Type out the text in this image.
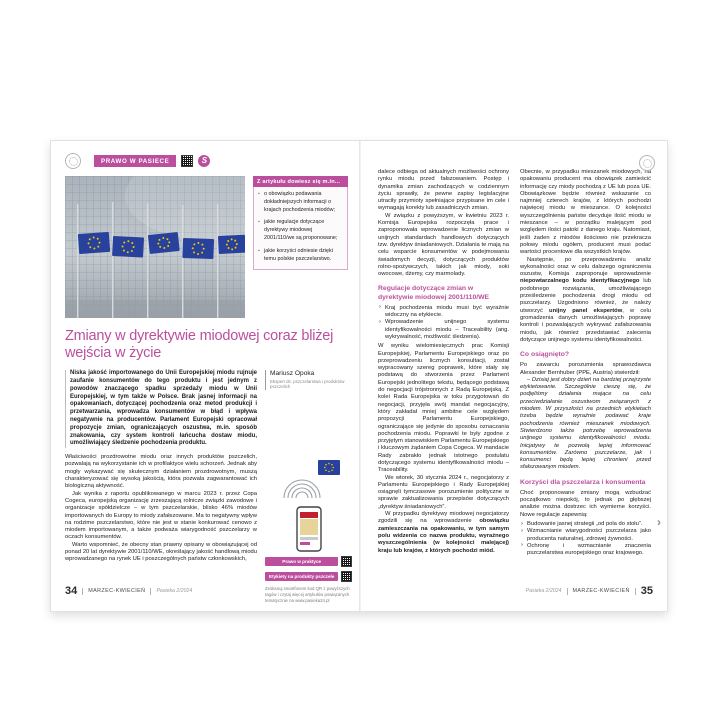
PRAWO W PASIECE	S
Z artykułu dowiesz się m.in...
▪ o obowiązku podawania dokładniejszych informacji o krajach pochodzenia miodów;
▪ jakie regulacje dotyczące dyrektywy miodowej 2001/110/we są proponowane;
▪ jakie korzyści odniesie dzięki temu polskie pszczelarstwo.
Zmiany w dyrektywie miodowej coraz bliżej wejścia w życie

Niska jakość importowanego do Unii Europejskiej miodu rujnuje zaufanie konsumentów do tego produktu i jest jednym z powodów znaczącego spadku sprzedaży miodu w Unii Europejskiej, w tym także w Polsce. Brak jasnej informacji na opakowaniach, dotyczącej pochodzenia oraz metod produkcji i przetwarzania, wprowadza konsumentów w błąd i wpływa negatywnie na producentów. Parlament Europejski opracował propozycje zmian, ograniczających oszustwa, m.in. sposób znakowania, czy system kontroli łańcucha dostaw miodu, umożliwiający śledzenie pochodzenia produktu.

Mariusz Opoka
Ekspert ds. pszczelarstwa i produktów pszczelich

Właściwości prozdrowotne miodu oraz innych produktów pszczelich, pozwalają na wykorzystanie ich w profilaktyce wielu schorzeń. Jednak aby mogły wykazywać się skutecznym działaniem prozdrowotnym, muszą charakteryzować się wysoką jakością, która pozwala zagwarantować ich biologiczną aktywność.

Jak wynika z raportu opublikowanego w marcu 2023 r. przez Copa Cogeca, europejską organizację zrzeszającą rolnicze związki zawodowe i organizacje spółdzielcze – w tym pszczelarskie, blisko 46% miodów importowanych do Europy to miody zafałszowane. Ma to negatywny wpływ na rodzime pszczelarstwo, które nie jest w stanie konkurować cenowo z miodem importowanym, a także podważa wiarygodność pszczelarzy w oczach konsumentów.

Warto wspomnieć, że obecny stan prawny opisany w obowiązującej od ponad 20 lat dyrektywie 2001/110/WE, określający jakość handlową miodu wprowadzanego na rynek UE i poszczególnych państw członkowskich,	Prawo w praktyce
Etykiety na produkty pszczele

Zeskanuj smartfonem kod QR z powyższych tagów i czytaj więcej artykułów powiązanych tematycznie na www.pasieka24.pl

34 MARZEC-KWIECIEŃ Pasieka 2/2024

dalece odbiega od aktualnych możliwości ochrony rynku miodu przed fałszowaniem. Postęp i dynamika zmian zachodzących w codziennym życiu sprawiły, że pewne zapisy legislacyjne utraciły przymioty spełniające przypisane im cele i wymagają korekty lub zasadniczych zmian.

W związku z powyższym, w kwietniu 2023 r. Komisja Europejska rozpoczęła prace i zaproponowała wprowadzenie licznych zmian w unijnych standardach handlowych dotyczących tzw. dyrektyw śniadaniowych. Działania te mają na celu wsparcie konsumentów w podejmowaniu świadomych decyzji, dotyczących produktów rolno-spożywczych, takich jak miody, soki owocowe, dżemy, czy marmolady.

Regulacje dotyczące zmian w dyrektywie miodowej 2001/110/WE
› Kraj pochodzenia miodu musi być wyraźnie widoczny na etykiecie.
› Wprowadzenie unijnego systemu identyfikowalności miodu – Traceability (ang. wykrywalność, możliwość śledzenia).

W wyniku wielomiesięcznych prac Komisji Europejskiej, Parlamentu Europejskiego oraz po przeprowadzeniu licznych konsultacji, został wypracowany szereg poprawek, które stały się podstawą do stworzenia przez Parlament Europejski jednolitego tekstu, będącego podstawą do negocjacji trójstronnych z Radą Europejską. Z kolei Rada Europejska w toku przygotowań do negocjacji, przyjęła swój mandat negocjacyjny, który zakładał mniej ambitne cele względem propozycji Parlamentu Europejskiego, ograniczające się jedynie do sposobu oznaczania pochodzenia miodu. Poprawki te były zgodne z przyjętym stanowiskiem Parlamentu Europejskiego i kluczowym żądaniem Copa Cogeca. W mandacie Rady zabrakło jednak istotnego postulatu dotyczącego systemu identyfikowalności miodu – Traceability.

We wtorek, 30 stycznia 2024 r., negocjatorzy z Parlamentu Europejskiego i Rady Europejskiej osiągnęli tymczasowe porozumienie polityczne w sprawie zaktualizowania przepisów dotyczących „dyrektyw śniadaniowych”.

W przypadku dyrektywy miodowej negocjatorzy zgodzili się na wprowadzenie obowiązku zamieszczania na opakowaniu, w tym samym polu widzenia co nazwa produktu, wyraźnego wyszczególnienia (w kolejności malejącej) kraju lub krajów, z których pochodzi miód.

Obecnie, w przypadku mieszanek miodowych, na opakowaniu producent ma obowiązek zamieścić informację czy miody pochodzą z UE lub poza UE. Obowiązkowe będzie również wskazanie co najmniej czterech krajów, z których pochodzi najwięcej miodu w mieszance. O kolejności wyszczególnienia państw decyduje ilość miodu w mieszance – w porządku malejącym pod względem ilości patoki z danego kraju. Natomiast, jeśli żaden z miodów ilościowo nie przekracza połowy miodu ogółem, producent musi podać wartości procentowe dla wszystkich krajów.

Następnie, po przeprowadzeniu analiz wykonalności oraz w celu dalszego ograniczenia oszustw, Komisja zaproponuje wprowadzenie niepowtarzalnego kodu identyfikacyjnego lub podobnego rozwiązania, umożliwiającego prześledzenie pochodzenia drogi miodu od pszczelarzy. Uzgodniono również, że należy utworzyć unijny panel ekspertów, w celu gromadzenia danych umożliwiających poprawę kontroli i pozwalających wykrywać zafałszowania miodu, jak również przedstawiać zalecenia dotyczące unijnego systemu identyfikowalności.

Co osiągnięto?

Po zawarciu porozumienia sprawozdawca Alexander Bernhuber (PPE, Austria) stwierdził:

– Dzisiaj jest dobry dzień na bardziej przejrzyste etykietowanie. Szczególnie cieszę się, że podjęliśmy działania mające na celu przeciwdziałanie oszustwom związanych z miodem. W przyszłości na przednich etykietach trzeba będzie wyraźnie podawać kraje pochodzenia również mieszanek miodowych. Stwierdzono także potrzebę wprowadzenia unijnego systemu identyfikowalności miodu. Inicjatywy te pozwolą lepiej informować konsumentów. Zarówno pszczelarze, jak i konsumenci będą lepiej chronieni przed sfałszowanym miodem.

Korzyści dla pszczelarza i konsumenta

Choć proponowane zmiany mogą wzbudzać początkowo niepokój, to jednak po głębszej analizie można dostrzec ich wymierne korzyści. Nowe regulacje zapewnią:

› Budowanie jasnej strategii „od pola do stołu”.
› Wzmacnianie wiarygodności pszczelarza jako producenta naturalnej, zdrowej żywności.
› Ochronę i wzmacnianie znaczenia pszczelarstwa europejskiego oraz krajowego.
›
Pasieka 2/2024 MARZEC-KWIECIEŃ 35
